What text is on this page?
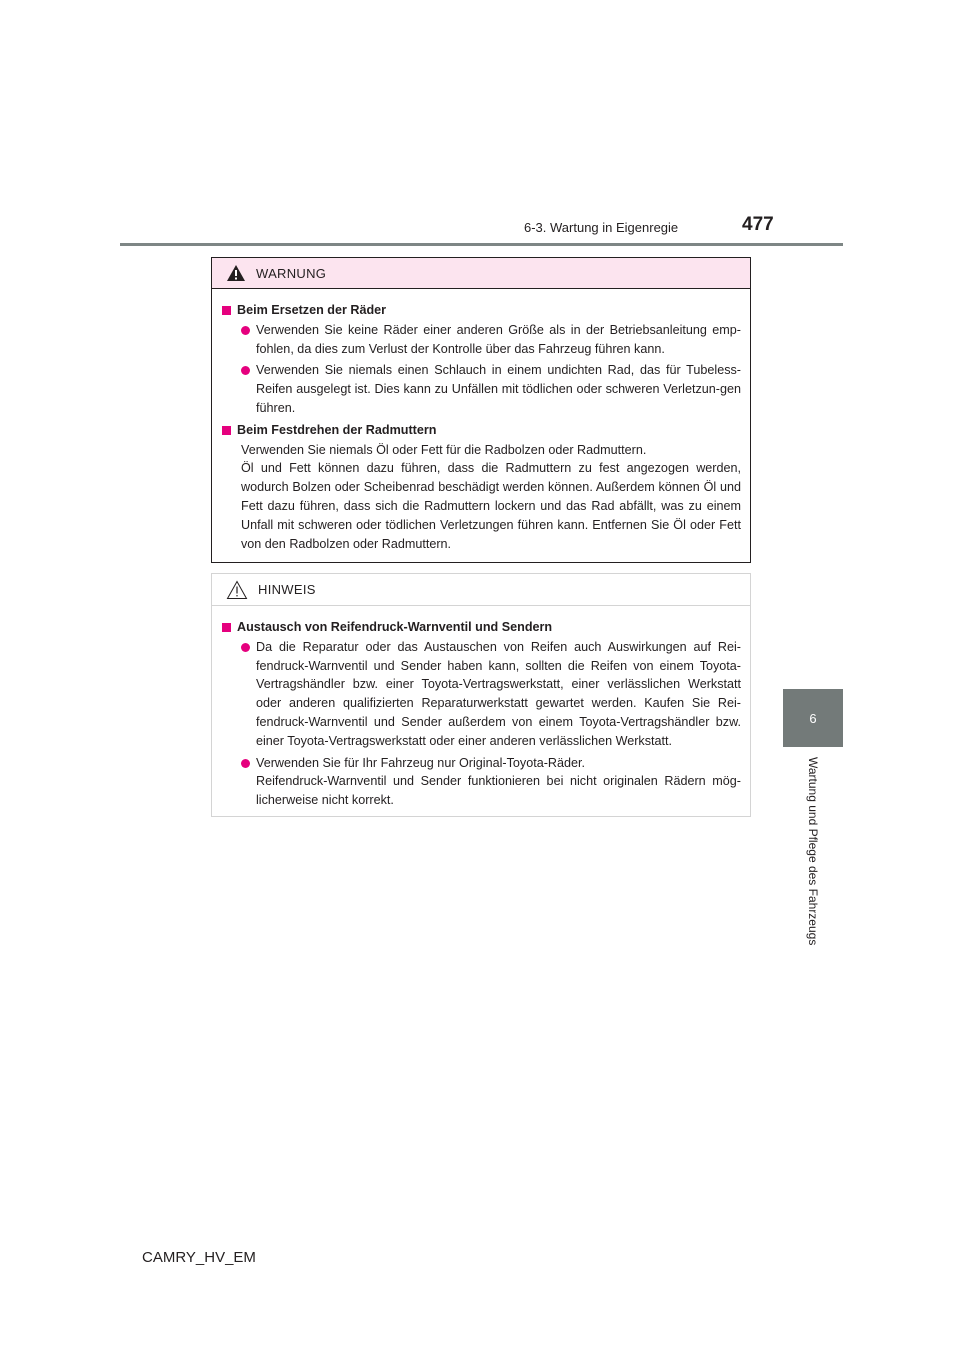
6-3. Wartung in Eigenregie	477
6
Wartung und Pflege des Fahrzeugs
WARNUNG
Beim Ersetzen der Räder
Verwenden Sie keine Räder einer anderen Größe als in der Betriebsanleitung emp-fohlen, da dies zum Verlust der Kontrolle über das Fahrzeug führen kann.
Verwenden Sie niemals einen Schlauch in einem undichten Rad, das für Tubeless-Reifen ausgelegt ist. Dies kann zu Unfällen mit tödlichen oder schweren Verletzun-gen führen.
Beim Festdrehen der Radmuttern
Verwenden Sie niemals Öl oder Fett für die Radbolzen oder Radmuttern.
Öl und Fett können dazu führen, dass die Radmuttern zu fest angezogen werden, wodurch Bolzen oder Scheibenrad beschädigt werden können. Außerdem können Öl und Fett dazu führen, dass sich die Radmuttern lockern und das Rad abfällt, was zu einem Unfall mit schweren oder tödlichen Verletzungen führen kann. Entfernen Sie Öl oder Fett von den Radbolzen oder Radmuttern.
HINWEIS
Austausch von Reifendruck-Warnventil und Sendern
Da die Reparatur oder das Austauschen von Reifen auch Auswirkungen auf Rei-fendruck-Warnventil und Sender haben kann, sollten die Reifen von einem Toyota-Vertragshändler bzw. einer Toyota-Vertragswerkstatt, einer verlässlichen Werkstatt oder anderen qualifizierten Reparaturwerkstatt gewartet werden. Kaufen Sie Rei-fendruck-Warnventil und Sender außerdem von einem Toyota-Vertragshändler bzw. einer Toyota-Vertragswerkstatt oder einer anderen verlässlichen Werkstatt.
Verwenden Sie für Ihr Fahrzeug nur Original-Toyota-Räder.
Reifendruck-Warnventil und Sender funktionieren bei nicht originalen Rädern mög-licherweise nicht korrekt.
CAMRY_HV_EM
